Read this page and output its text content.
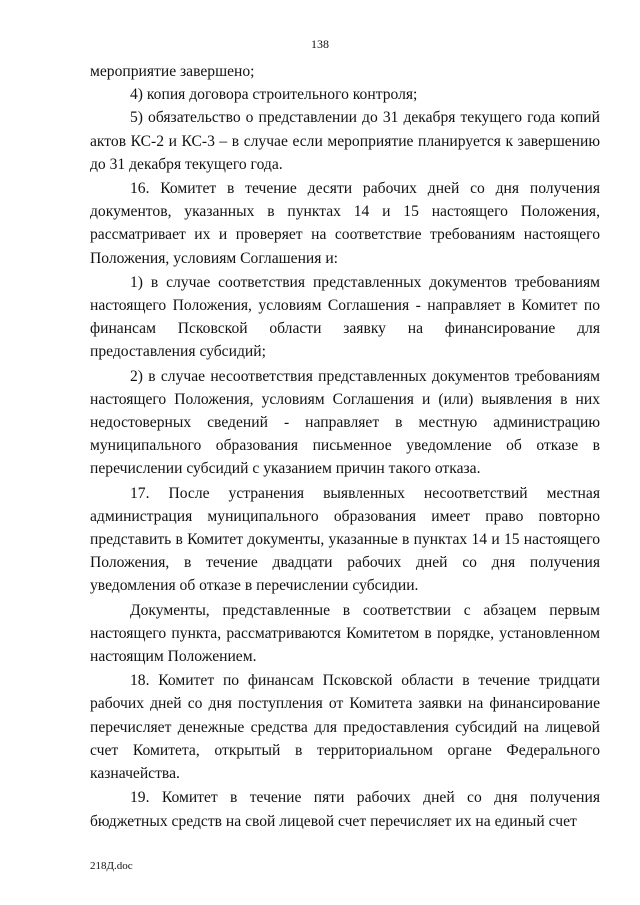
138

мероприятие завершено;

4) копия договора строительного контроля;

5) обязательство о представлении до 31 декабря текущего года копий актов КС-2 и КС-3 – в случае если мероприятие планируется к завершению до 31 декабря текущего года.

16. Комитет в течение десяти рабочих дней со дня получения документов, указанных в пунктах 14 и 15 настоящего Положения, рассматривает их и проверяет на соответствие требованиям настоящего Положения, условиям Соглашения и:

1) в случае соответствия представленных документов требованиям настоящего Положения, условиям Соглашения - направляет в Комитет по финансам Псковской области заявку на финансирование для предоставления субсидий;

2) в случае несоответствия представленных документов требованиям настоящего Положения, условиям Соглашения и (или) выявления в них недостоверных сведений - направляет в местную администрацию муниципального образования письменное уведомление об отказе в перечислении субсидий с указанием причин такого отказа.

17. После устранения выявленных несоответствий местная администрация муниципального образования имеет право повторно представить в Комитет документы, указанные в пунктах 14 и 15 настоящего Положения, в течение двадцати рабочих дней со дня получения уведомления об отказе в перечислении субсидии.

Документы, представленные в соответствии с абзацем первым настоящего пункта, рассматриваются Комитетом в порядке, установленном настоящим Положением.

18. Комитет по финансам Псковской области в течение тридцати рабочих дней со дня поступления от Комитета заявки на финансирование перечисляет денежные средства для предоставления субсидий на лицевой счет Комитета, открытый в территориальном органе Федерального казначейства.

19. Комитет в течение пяти рабочих дней со дня получения бюджетных средств на свой лицевой счет перечисляет их на единый счет

218Д.doc
